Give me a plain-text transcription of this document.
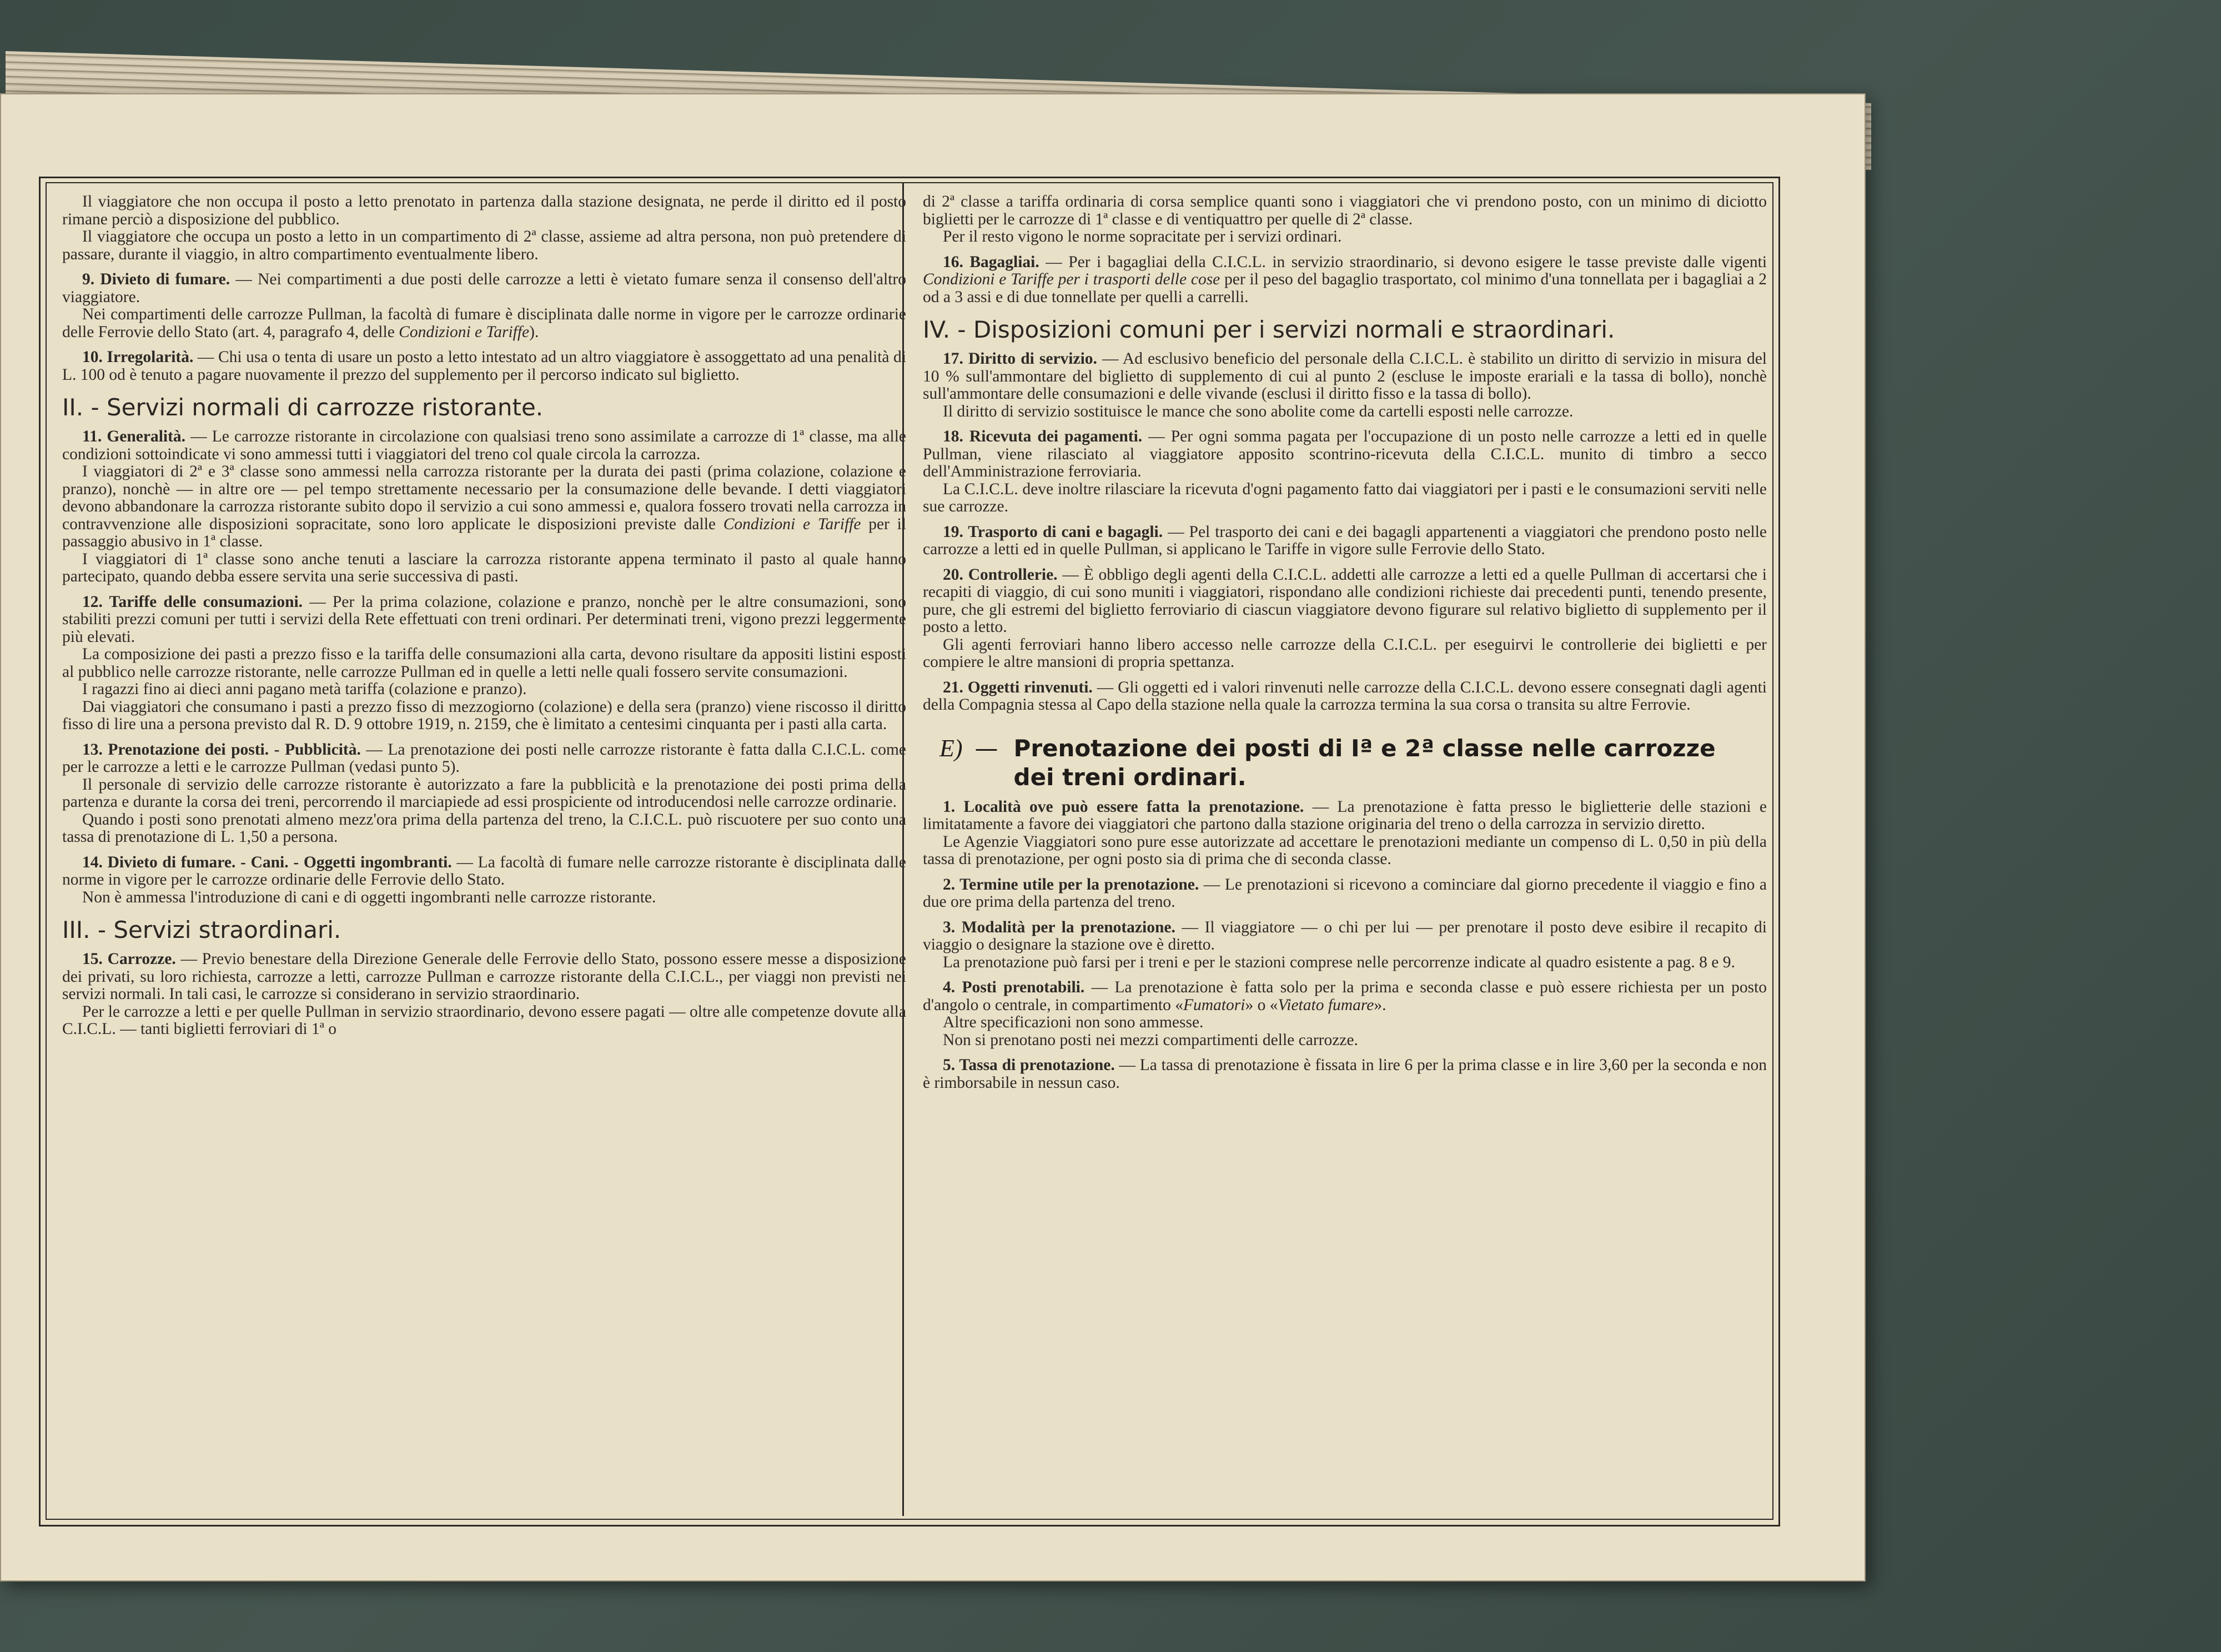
Il viaggiatore che non occupa il posto a letto prenotato in partenza dalla stazione designata, ne perde il diritto ed il posto rimane perciò a disposizione del pubblico.

Il viaggiatore che occupa un posto a letto in un compartimento di 2ª classe, assieme ad altra persona, non può pretendere di passare, durante il viaggio, in altro compartimento eventualmente libero.

9. Divieto di fumare. — Nei compartimenti a due posti delle carrozze a letti è vietato fumare senza il consenso dell'altro viaggiatore.

Nei compartimenti delle carrozze Pullman, la facoltà di fumare è disciplinata dalle norme in vigore per le carrozze ordinarie delle Ferrovie dello Stato (art. 4, paragrafo 4, delle Condizioni e Tariffe).

10. Irregolarità. — Chi usa o tenta di usare un posto a letto intestato ad un altro viaggiatore è assoggettato ad una penalità di L. 100 od è tenuto a pagare nuovamente il prezzo del supplemento per il percorso indicato sul biglietto.

II. - Servizi normali di carrozze ristorante.

11. Generalità. — Le carrozze ristorante in circolazione con qualsiasi treno sono assimilate a carrozze di 1ª classe, ma alle condizioni sottoindicate vi sono ammessi tutti i viaggiatori del treno col quale circola la carrozza.

I viaggiatori di 2ª e 3ª classe sono ammessi nella carrozza ristorante per la durata dei pasti (prima colazione, colazione e pranzo), nonchè — in altre ore — pel tempo strettamente necessario per la consumazione delle bevande. I detti viaggiatori devono abbandonare la carrozza ristorante subito dopo il servizio a cui sono ammessi e, qualora fossero trovati nella carrozza in contravvenzione alle disposizioni sopracitate, sono loro applicate le disposizioni previste dalle Condizioni e Tariffe per il passaggio abusivo in 1ª classe.

I viaggiatori di 1ª classe sono anche tenuti a lasciare la carrozza ristorante appena terminato il pasto al quale hanno partecipato, quando debba essere servita una serie successiva di pasti.

12. Tariffe delle consumazioni. — Per la prima colazione, colazione e pranzo, nonchè per le altre consumazioni, sono stabiliti prezzi comuni per tutti i servizi della Rete effettuati con treni ordinari. Per determinati treni, vigono prezzi leggermente più elevati.

La composizione dei pasti a prezzo fisso e la tariffa delle consumazioni alla carta, devono risultare da appositi listini esposti al pubblico nelle carrozze ristorante, nelle carrozze Pullman ed in quelle a letti nelle quali fossero servite consumazioni.

I ragazzi fino ai dieci anni pagano metà tariffa (colazione e pranzo).

Dai viaggiatori che consumano i pasti a prezzo fisso di mezzogiorno (colazione) e della sera (pranzo) viene riscosso il diritto fisso di lire una a persona previsto dal R. D. 9 ottobre 1919, n. 2159, che è limitato a centesimi cinquanta per i pasti alla carta.

13. Prenotazione dei posti. - Pubblicità. — La prenotazione dei posti nelle carrozze ristorante è fatta dalla C.I.C.L. come per le carrozze a letti e le carrozze Pullman (vedasi punto 5).

Il personale di servizio delle carrozze ristorante è autorizzato a fare la pubblicità e la prenotazione dei posti prima della partenza e durante la corsa dei treni, percorrendo il marciapiede ad essi prospiciente od introducendosi nelle carrozze ordinarie.

Quando i posti sono prenotati almeno mezz'ora prima della partenza del treno, la C.I.C.L. può riscuotere per suo conto una tassa di prenotazione di L. 1,50 a persona.

14. Divieto di fumare. - Cani. - Oggetti ingombranti. — La facoltà di fumare nelle carrozze ristorante è disciplinata dalle norme in vigore per le carrozze ordinarie delle Ferrovie dello Stato.

Non è ammessa l'introduzione di cani e di oggetti ingombranti nelle carrozze ristorante.

III. - Servizi straordinari.

15. Carrozze. — Previo benestare della Direzione Generale delle Ferrovie dello Stato, possono essere messe a disposizione dei privati, su loro richiesta, carrozze a letti, carrozze Pullman e carrozze ristorante della C.I.C.L., per viaggi non previsti nei servizi normali. In tali casi, le carrozze si considerano in servizio straordinario.

Per le carrozze a letti e per quelle Pullman in servizio straordinario, devono essere pagati — oltre alle competenze dovute alla C.I.C.L. — tanti biglietti ferroviari di 1ª o

di 2ª classe a tariffa ordinaria di corsa semplice quanti sono i viaggiatori che vi prendono posto, con un minimo di diciotto biglietti per le carrozze di 1ª classe e di ventiquattro per quelle di 2ª classe.

Per il resto vigono le norme sopracitate per i servizi ordinari.

16. Bagagliai. — Per i bagagliai della C.I.C.L. in servizio straordinario, si devono esigere le tasse previste dalle vigenti Condizioni e Tariffe per i trasporti delle cose per il peso del bagaglio trasportato, col minimo d'una tonnellata per i bagagliai a 2 od a 3 assi e di due tonnellate per quelli a carrelli.

IV. - Disposizioni comuni per i servizi normali e straordinari.

17. Diritto di servizio. — Ad esclusivo beneficio del personale della C.I.C.L. è stabilito un diritto di servizio in misura del 10 % sull'ammontare del biglietto di supplemento di cui al punto 2 (escluse le imposte erariali e la tassa di bollo), nonchè sull'ammontare delle consumazioni e delle vivande (esclusi il diritto fisso e la tassa di bollo).

Il diritto di servizio sostituisce le mance che sono abolite come da cartelli esposti nelle carrozze.

18. Ricevuta dei pagamenti. — Per ogni somma pagata per l'occupazione di un posto nelle carrozze a letti ed in quelle Pullman, viene rilasciato al viaggiatore apposito scontrino-ricevuta della C.I.C.L. munito di timbro a secco dell'Amministrazione ferroviaria.

La C.I.C.L. deve inoltre rilasciare la ricevuta d'ogni pagamento fatto dai viaggiatori per i pasti e le consumazioni serviti nelle sue carrozze.

19. Trasporto di cani e bagagli. — Pel trasporto dei cani e dei bagagli appartenenti a viaggiatori che prendono posto nelle carrozze a letti ed in quelle Pullman, si applicano le Tariffe in vigore sulle Ferrovie dello Stato.

20. Controllerie. — È obbligo degli agenti della C.I.C.L. addetti alle carrozze a letti ed a quelle Pullman di accertarsi che i recapiti di viaggio, di cui sono muniti i viaggiatori, rispondano alle condizioni richieste dai precedenti punti, tenendo presente, pure, che gli estremi del biglietto ferroviario di ciascun viaggiatore devono figurare sul relativo biglietto di supplemento per il posto a letto.

Gli agenti ferroviari hanno libero accesso nelle carrozze della C.I.C.L. per eseguirvi le controllerie dei biglietti e per compiere le altre mansioni di propria spettanza.

21. Oggetti rinvenuti. — Gli oggetti ed i valori rinvenuti nelle carrozze della C.I.C.L. devono essere consegnati dagli agenti della Compagnia stessa al Capo della stazione nella quale la carrozza termina la sua corsa o transita su altre Ferrovie.

E) — Prenotazione dei posti di Iª e 2ª classe nelle carrozze dei treni ordinari.

1. Località ove può essere fatta la prenotazione. — La prenotazione è fatta presso le biglietterie delle stazioni e limitatamente a favore dei viaggiatori che partono dalla stazione originaria del treno o della carrozza in servizio diretto.

Le Agenzie Viaggiatori sono pure esse autorizzate ad accettare le prenotazioni mediante un compenso di L. 0,50 in più della tassa di prenotazione, per ogni posto sia di prima che di seconda classe.

2. Termine utile per la prenotazione. — Le prenotazioni si ricevono a cominciare dal giorno precedente il viaggio e fino a due ore prima della partenza del treno.

3. Modalità per la prenotazione. — Il viaggiatore — o chi per lui — per prenotare il posto deve esibire il recapito di viaggio o designare la stazione ove è diretto.

La prenotazione può farsi per i treni e per le stazioni comprese nelle percorrenze indicate al quadro esistente a pag. 8 e 9.

4. Posti prenotabili. — La prenotazione è fatta solo per la prima e seconda classe e può essere richiesta per un posto d'angolo o centrale, in compartimento «Fumatori» o «Vietato fumare».

Altre specificazioni non sono ammesse.

Non si prenotano posti nei mezzi compartimenti delle carrozze.

5. Tassa di prenotazione. — La tassa di prenotazione è fissata in lire 6 per la prima classe e in lire 3,60 per la seconda e non è rimborsabile in nessun caso.
